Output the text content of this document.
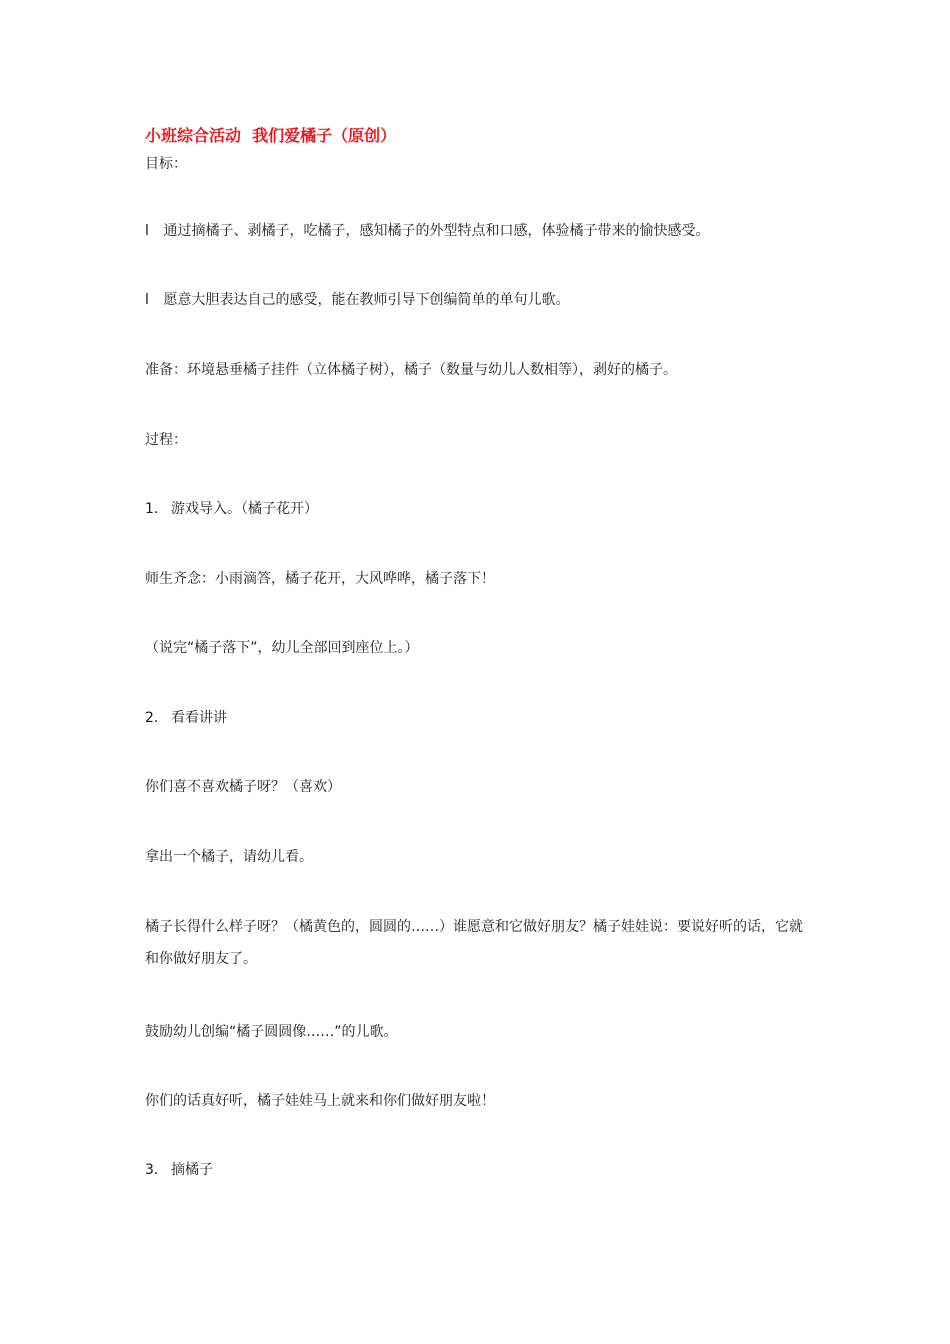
小班综合活动  我们爱橘子（原创）
目标：
l 通过摘橘子、剥橘子，吃橘子，感知橘子的外型特点和口感，体验橘子带来的愉快感受。
l 愿意大胆表达自己的感受，能在教师引导下创编简单的单句儿歌。
准备：环境悬垂橘子挂件（立体橘子树），橘子（数量与幼儿人数相等），剥好的橘子。
过程：
1． 游戏导入。（橘子花开）
师生齐念：小雨滴答，橘子花开，大风哗哗，橘子落下！
（说完“橘子落下”，幼儿全部回到座位上。）
2． 看看讲讲
你们喜不喜欢橘子呀？（喜欢）
拿出一个橘子，请幼儿看。
橘子长得什么样子呀？（橘黄色的，圆圆的……）谁愿意和它做好朋友？橘子娃娃说：要说好听的话，它就和你做好朋友了。
鼓励幼儿创编“橘子圆圆像……”的儿歌。
你们的话真好听，橘子娃娃马上就来和你们做好朋友啦！
3． 摘橘子
